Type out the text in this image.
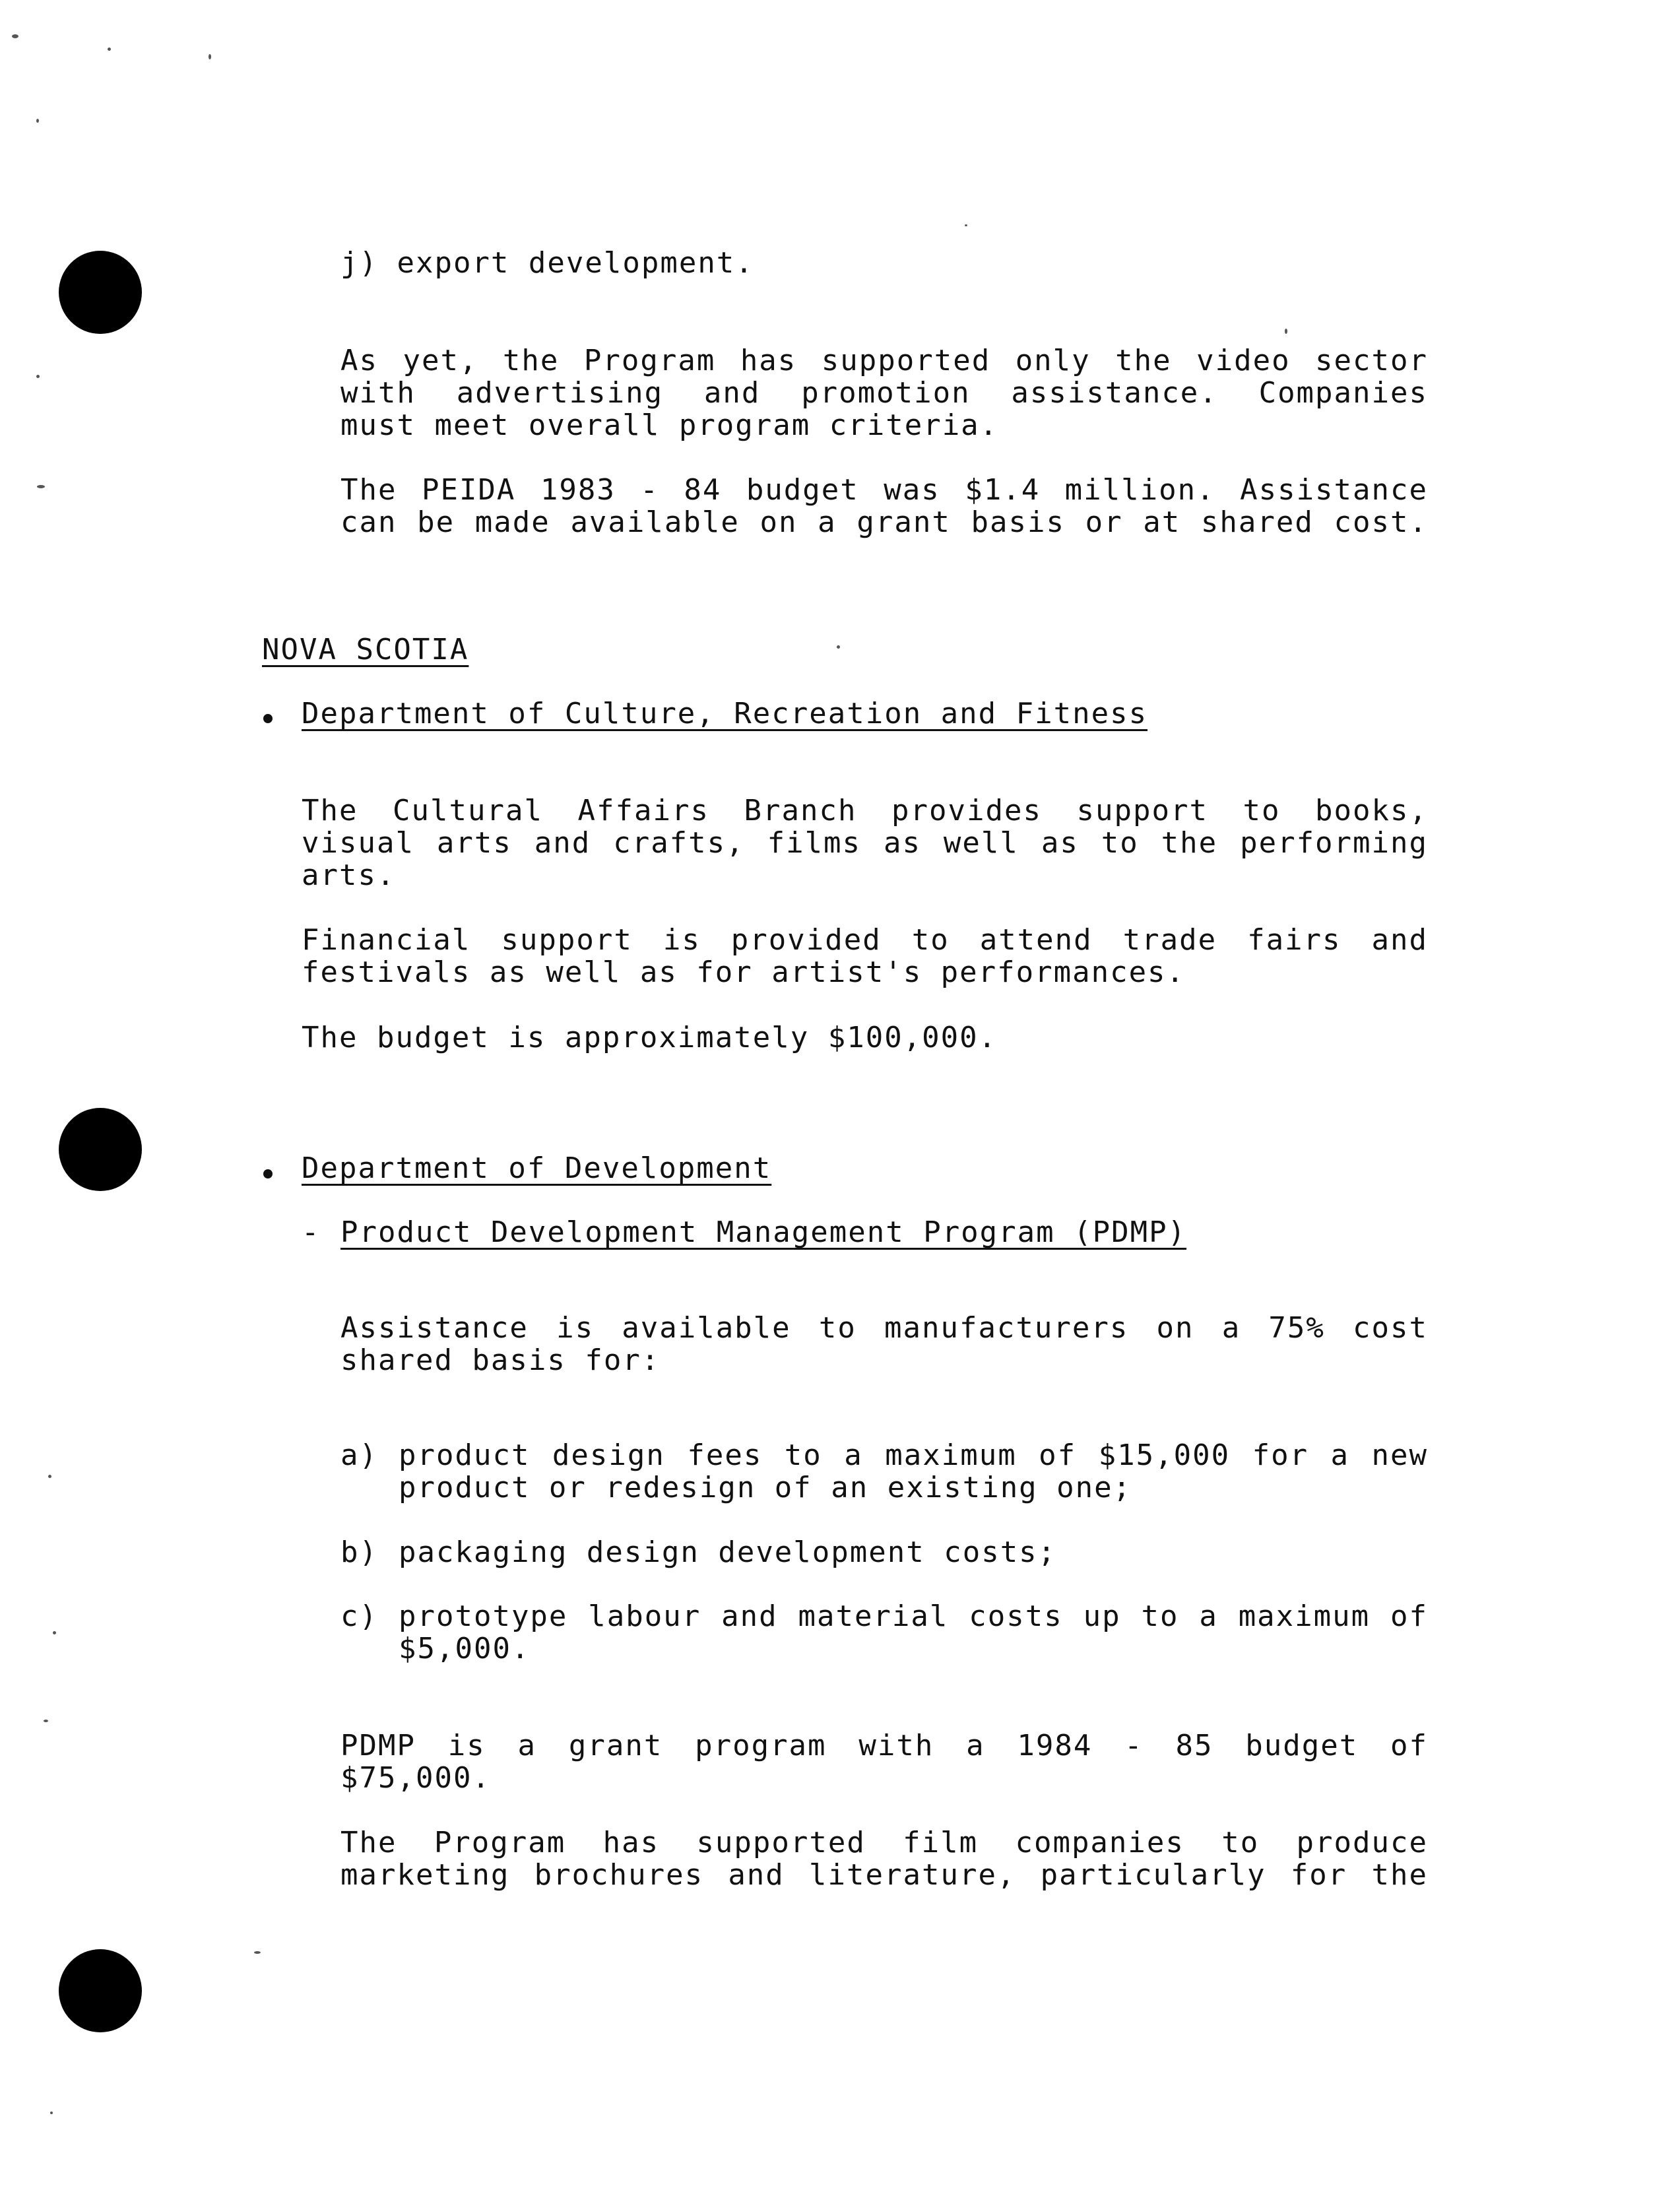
j) export development.
As yet, the Program has supported only the video sector
with advertising and promotion assistance. Companies
must meet overall program criteria.
The PEIDA 1983 - 84 budget was $1.4 million. Assistance
can be made available on a grant basis or at shared cost.
NOVA SCOTIA
Department of Culture, Recreation and Fitness
The Cultural Affairs Branch provides support to books,
visual arts and crafts, films as well as to the performing
arts.
Financial support is provided to attend trade fairs and
festivals as well as for artist's performances.
The budget is approximately $100,000.
Department of Development
- Product Development Management Program (PDMP)
Assistance is available to manufacturers on a 75% cost
shared basis for:
a) product design fees to a maximum of $15,000 for a new
product or redesign of an existing one;
b) packaging design development costs;
c) prototype labour and material costs up to a maximum of
$5,000.
PDMP is a grant program with a 1984 - 85 budget of
$75,000.
The Program has supported film companies to produce
marketing brochures and literature, particularly for the
